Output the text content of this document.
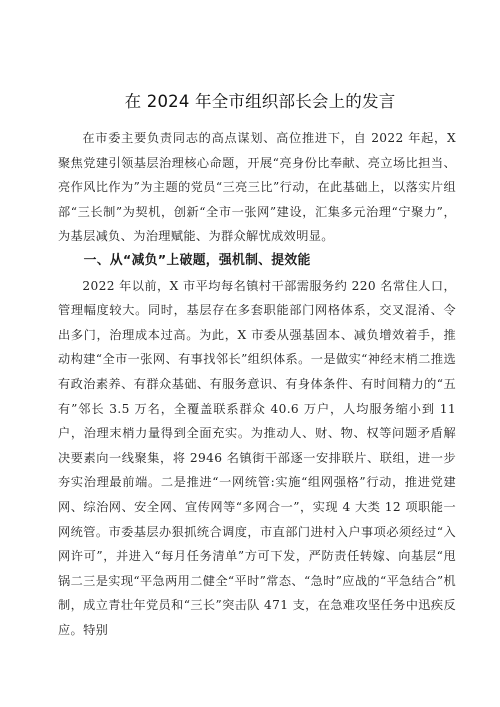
在 2024 年全市组织部长会上的发言

在市委主要负责同志的高点谋划、高位推进下，自 2022 年起，X 聚焦党建引领基层治理核心命题，开展“亮身份比奉献、亮立场比担当、亮作风比作为”为主题的党员“三亮三比”行动，在此基础上，以落实片组部“三长制”为契机，创新“全市一张网”建设，汇集多元治理“宁聚力”，为基层减负、为治理赋能、为群众解忧成效明显。

一、从“减负”上破题，强机制、提效能

2022 年以前，X 市平均每名镇村干部需服务约 220 名常住人口，管理幅度较大。同时，基层存在多套职能部门网格体系，交叉混淆、令出多门，治理成本过高。为此，X 市委从强基固本、减负增效着手，推动构建“全市一张网、有事找邻长”组织体系。一是做实“神经末梢二推选有政治素养、有群众基础、有服务意识、有身体条件、有时间精力的“五有”邻长 3.5 万名，全覆盖联系群众 40.6 万户，人均服务缩小到 11 户，治理末梢力量得到全面充实。为推动人、财、物、权等问题矛盾解决要素向一线聚集，将 2946 名镇街干部逐一安排联片、联组，进一步夯实治理最前端。二是推进“一网统管:实施“组网强格”行动，推进党建网、综治网、安全网、宣传网等“多网合一”，实现 4 大类 12 项职能一网统管。市委基层办狠抓统合调度，市直部门进村入户事项必须经过“入网许可”，并进入“每月任务清单”方可下发，严防责任转嫁、向基层“甩锅二三是实现“平急两用二健全“平时”常态、“急时”应战的“平急结合”机制，成立青壮年党员和“三长”突击队 471 支，在急难攻坚任务中迅疾反应。特别
